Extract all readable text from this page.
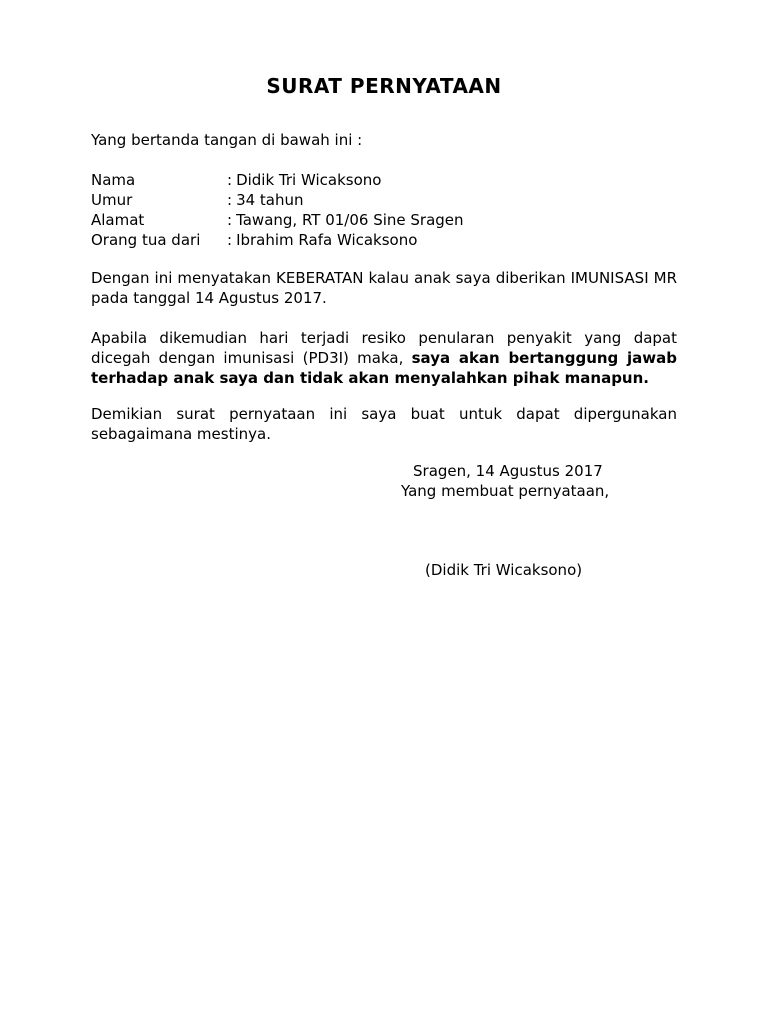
SURAT PERNYATAAN
Yang bertanda tangan di bawah ini :
Nama	: Didik Tri Wicaksono
Umur	: 34 tahun
Alamat	: Tawang, RT 01/06 Sine Sragen
Orang tua dari	: Ibrahim Rafa Wicaksono
Dengan ini menyatakan KEBERATAN kalau anak saya diberikan IMUNISASI MR pada tanggal 14 Agustus 2017.
Apabila dikemudian hari terjadi resiko penularan penyakit yang dapat dicegah dengan imunisasi (PD3I) maka, saya akan bertanggung jawab terhadap anak saya dan tidak akan menyalahkan pihak manapun.
Demikian surat pernyataan ini saya buat untuk dapat dipergunakan sebagaimana mestinya.
Sragen, 14 Agustus 2017
Yang membuat pernyataan,
(Didik Tri Wicaksono)
